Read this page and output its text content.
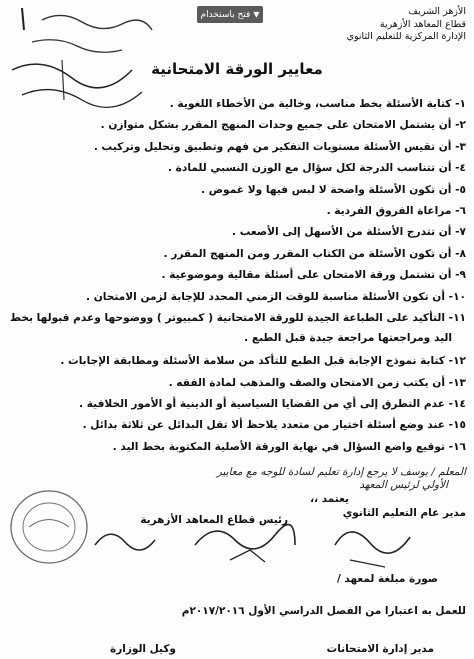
▼
فتح باستخدام	الأزهر الشريف
قطاع المعاهد الأزهرية
الإدارة المركزية للتعليم الثانوي
معايير الورقة الامتحانية
١- كتابة الأسئلة بخط مناسب، وخالية من الأخطاء اللغوية .
٢- أن يشتمل الامتحان على جميع وحدات المنهج المقرر بشكل متوازن .
٣- أن تقيس الأسئلة مستويات التفكير من فهم وتطبيق وتحليل وتركيب .
٤- أن تتناسب الدرجة لكل سؤال مع الوزن النسبي للمادة .
٥- أن تكون الأسئلة واضحة لا لبس فيها ولا غموض .
٦- مراعاة الفروق الفردية .
٧- أن تتدرج الأسئلة من الأسهل إلى الأصعب .
٨- أن تكون الأسئلة من الكتاب المقرر ومن المنهج المقرر .
٩- أن تشتمل ورقة الامتحان على أسئلة مقالية وموضوعية .
١٠- أن تكون الأسئلة مناسبة للوقت الزمني المحدد للإجابة لزمن الامتحان .
١١- التأكيد على الطباعة الجيدة للورقة الامتحانية ( كمبيوتر ) ووضوحها وعدم قبولها بخط
١٢- كتابة نموذج الإجابة قبل الطبع للتأكد من سلامة الأسئلة ومطابقة الإجابات .
١٣- أن يكتب زمن الامتحان والصف والمذهب لمادة الفقه .
١٤- عدم التطرق إلى أي من القضايا السياسية أو الدينية أو الأمور الخلافية .
١٥- عند وضع أسئلة اختيار من متعدد يلاحظ ألا تقل البدائل عن ثلاثة بدائل .
١٦- توقيع واضع السؤال في نهاية الورقة الأصلية المكتوبة بخط اليد .
اليد ومراجعتها مراجعة جيدة قبل الطبع .
المعلم / يوسف لا يرجع إدارة تعليم لسادة للوجه مع معايير
الأولي لرئيس المعهد
يعتمد ،،
مدير عام التعليم الثانوي
رئيس قطاع المعاهد الأزهرية
صورة مبلغة لمعهد /
للعمل به اعتبارا من الفصل الدراسي الأول ٢٠١٧/٢٠١٦م
مدير إدارة الامتحانات
وكيل الوزارة
